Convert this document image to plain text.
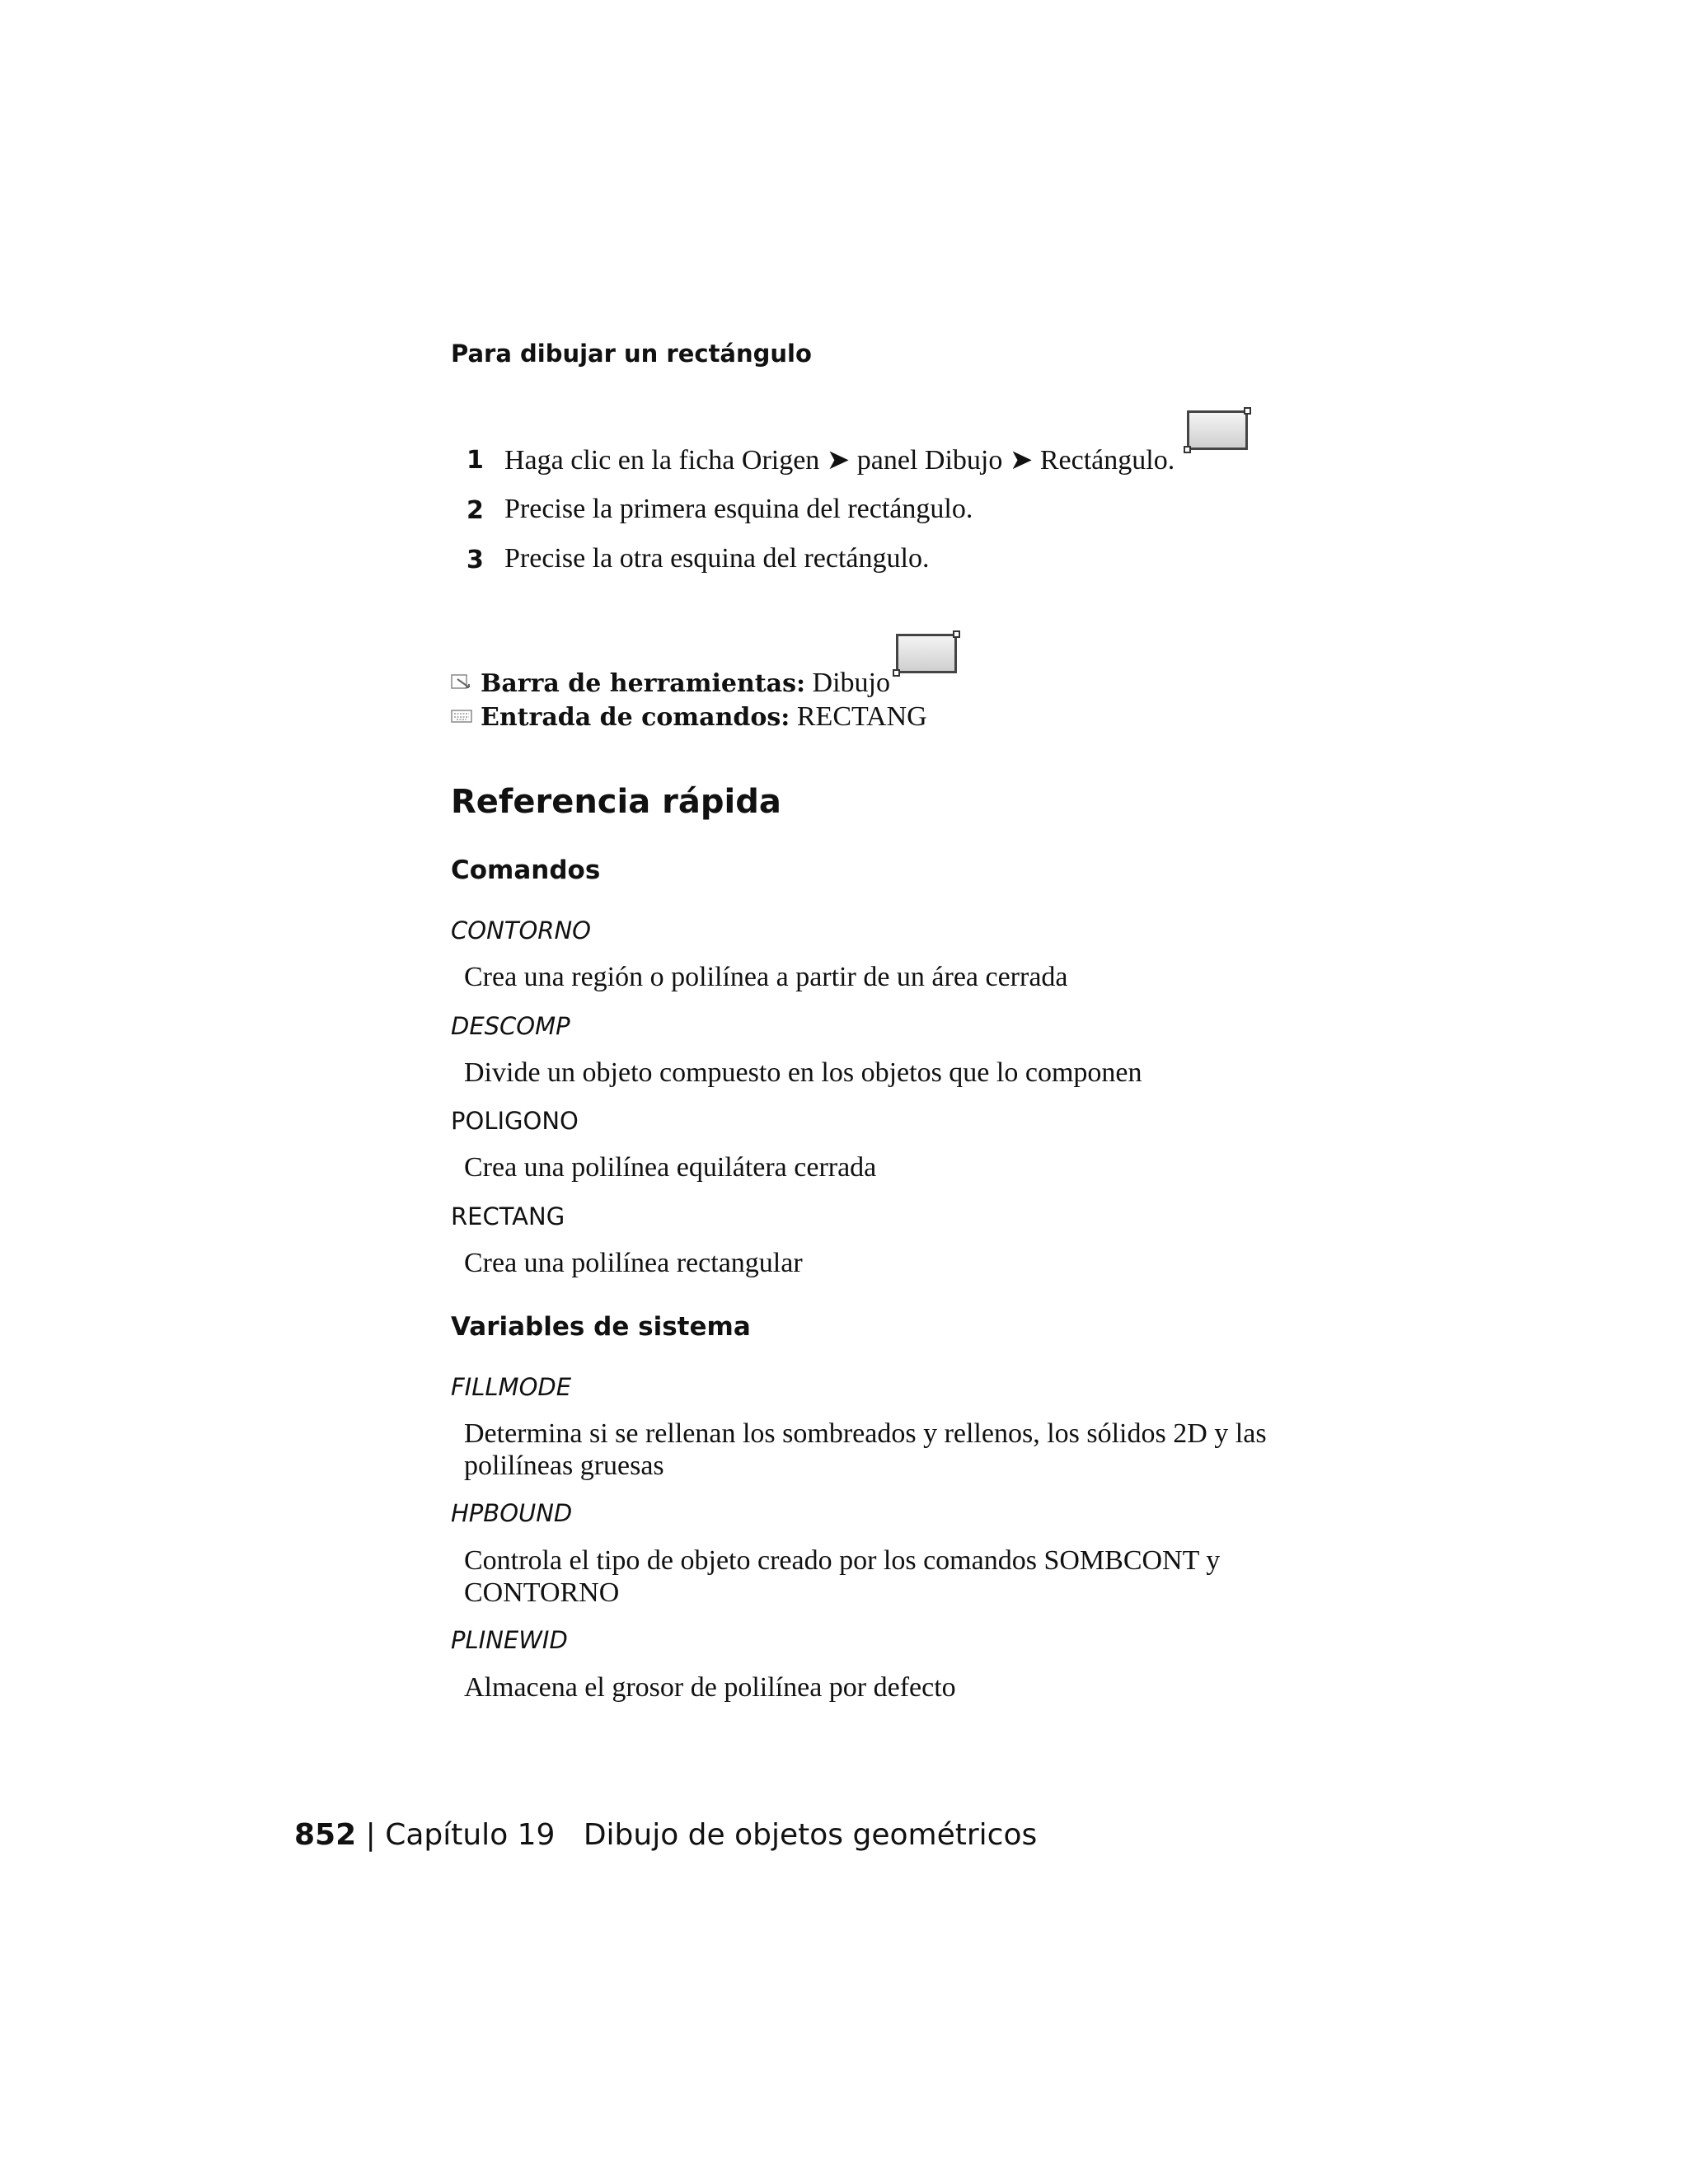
Para dibujar un rectángulo
1 Haga clic en la ficha Origen ➤ panel Dibujo ➤ Rectángulo.
2 Precise la primera esquina del rectángulo.
3 Precise la otra esquina del rectángulo.
Barra de herramientas: Dibujo
Entrada de comandos: RECTANG
Referencia rápida
Comandos
CONTORNO
Crea una región o polilínea a partir de un área cerrada
DESCOMP
Divide un objeto compuesto en los objetos que lo componen
POLIGONO
Crea una polilínea equilátera cerrada
RECTANG
Crea una polilínea rectangular
Variables de sistema
FILLMODE
Determina si se rellenan los sombreados y rellenos, los sólidos 2D y las
polilíneas gruesas
HPBOUND
Controla el tipo de objeto creado por los comandos SOMBCONT y
CONTORNO
PLINEWID
Almacena el grosor de polilínea por defecto
852 | Capítulo 19 Dibujo de objetos geométricos
